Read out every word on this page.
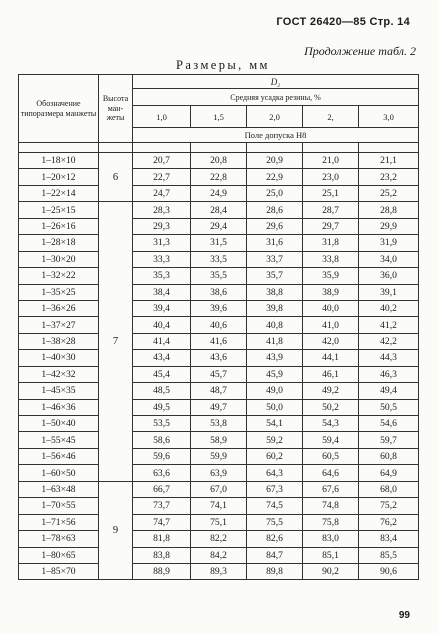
ГОСТ 26420—85 Стр. 14
Продолжение табл. 2
Размеры, мм
Обозначение типоразмера манжеты	Высота ман- жеты	D₂				
		Средняя усадка резины, %				
		1,0	1,5	2,0	2,	3,0
		Поле допуска Н8				

1–18×10	6	20,7	20,8	20,9	21,0	21,1
1–20×12		22,7	22,8	22,9	23,0	23,2
1–22×14		24,7	24,9	25,0	25,1	25,2
1–25×15	7	28,3	28,4	28,6	28,7	28,8
1–26×16		29,3	29,4	29,6	29,7	29,9
1–28×18		31,3	31,5	31,6	31,8	31,9
1–30×20		33,3	33,5	33,7	33,8	34,0
1–32×22		35,3	35,5	35,7	35,9	36,0
1–35×25		38,4	38,6	38,8	38,9	39,1
1–36×26		39,4	39,6	39,8	40,0	40,2
1–37×27		40,4	40,6	40,8	41,0	41,2
1–38×28		41,4	41,6	41,8	42,0	42,2
1–40×30		43,4	43,6	43,9	44,1	44,3
1–42×32		45,4	45,7	45,9	46,1	46,3
1–45×35		48,5	48,7	49,0	49,2	49,4
1–46×36		49,5	49,7	50,0	50,2	50,5
1–50×40		53,5	53,8	54,1	54,3	54,6
1–55×45		58,6	58,9	59,2	59,4	59,7
1–56×46		59,6	59,9	60,2	60,5	60,8
1–60×50		63,6	63,9	64,3	64,6	64,9
1–63×48	9	66,7	67,0	67,3	67,6	68,0
1–70×55		73,7	74,1	74,5	74,8	75,2
1–71×56		74,7	75,1	75,5	75,8	76,2
1–78×63		81,8	82,2	82,6	83,0	83,4
1–80×65		83,8	84,2	84,7	85,1	85,5
1–85×70		88,9	89,3	89,8	90,2	90,6
99
